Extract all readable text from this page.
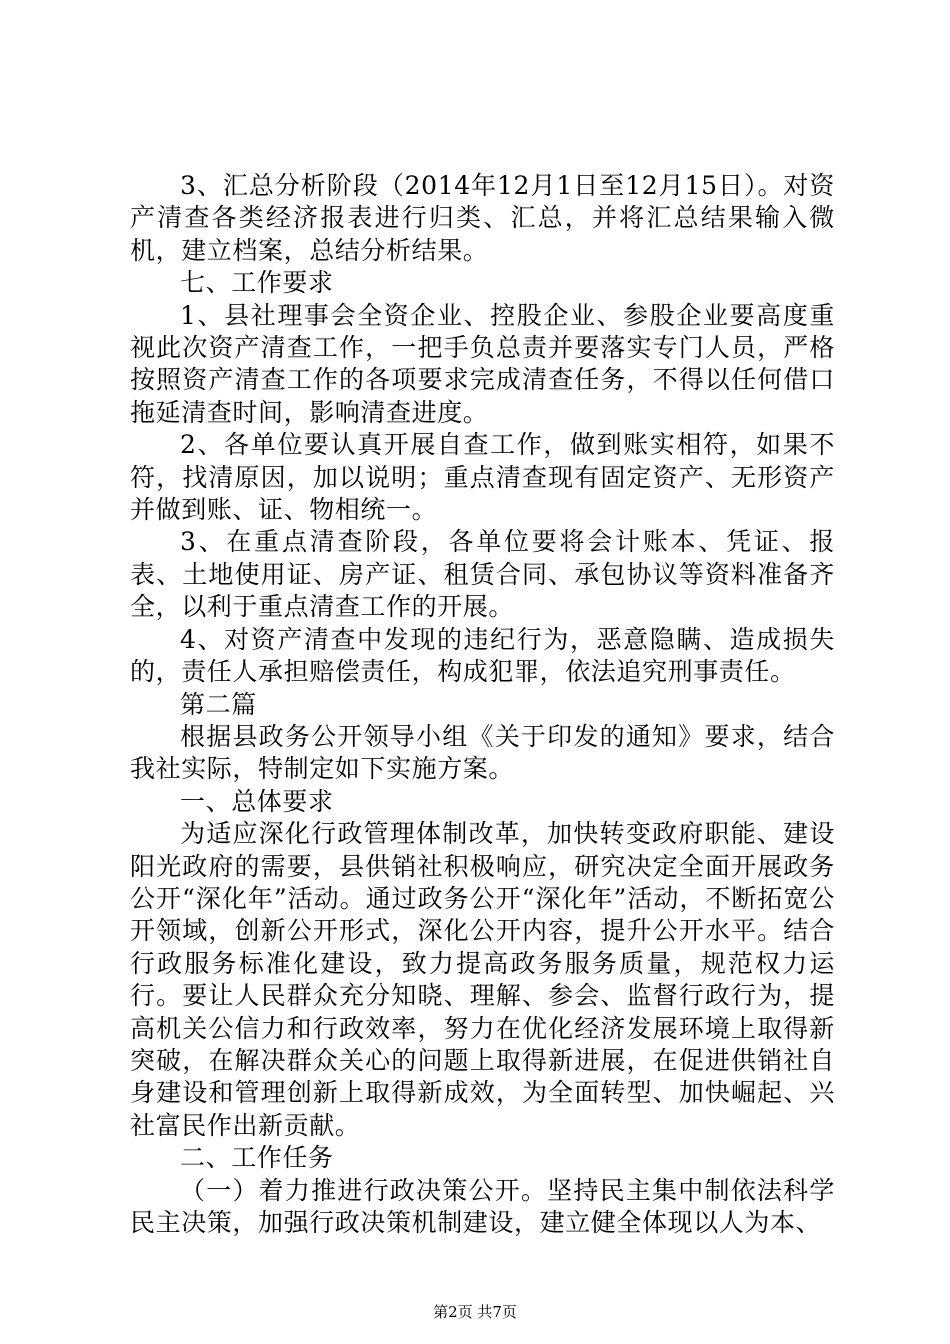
3、汇总分析阶段（2014年12月1日至12月15日）。对资产清查各类经济报表进行归类、汇总，并将汇总结果输入微机，建立档案，总结分析结果。

七、工作要求

1、县社理事会全资企业、控股企业、参股企业要高度重视此次资产清查工作，一把手负总责并要落实专门人员，严格按照资产清查工作的各项要求完成清查任务，不得以任何借口拖延清查时间，影响清查进度。

2、各单位要认真开展自查工作，做到账实相符，如果不符，找清原因，加以说明；重点清查现有固定资产、无形资产并做到账、证、物相统一。

3、在重点清查阶段，各单位要将会计账本、凭证、报表、土地使用证、房产证、租赁合同、承包协议等资料准备齐全，以利于重点清查工作的开展。

4、对资产清查中发现的违纪行为，恶意隐瞒、造成损失的，责任人承担赔偿责任，构成犯罪，依法追究刑事责任。

第二篇

根据县政务公开领导小组《关于印发的通知》要求，结合我社实际，特制定如下实施方案。

一、总体要求

为适应深化行政管理体制改革，加快转变政府职能、建设阳光政府的需要，县供销社积极响应，研究决定全面开展政务公开“深化年”活动。通过政务公开“深化年”活动，不断拓宽公开领域，创新公开形式，深化公开内容，提升公开水平。结合行政服务标准化建设，致力提高政务服务质量，规范权力运行。要让人民群众充分知晓、理解、参会、监督行政行为，提高机关公信力和行政效率，努力在优化经济发展环境上取得新突破，在解决群众关心的问题上取得新进展，在促进供销社自身建设和管理创新上取得新成效，为全面转型、加快崛起、兴社富民作出新贡献。

二、工作任务

（一）着力推进行政决策公开。坚持民主集中制依法科学民主决策，加强行政决策机制建设，建立健全体现以人为本、

第2页 共7页
